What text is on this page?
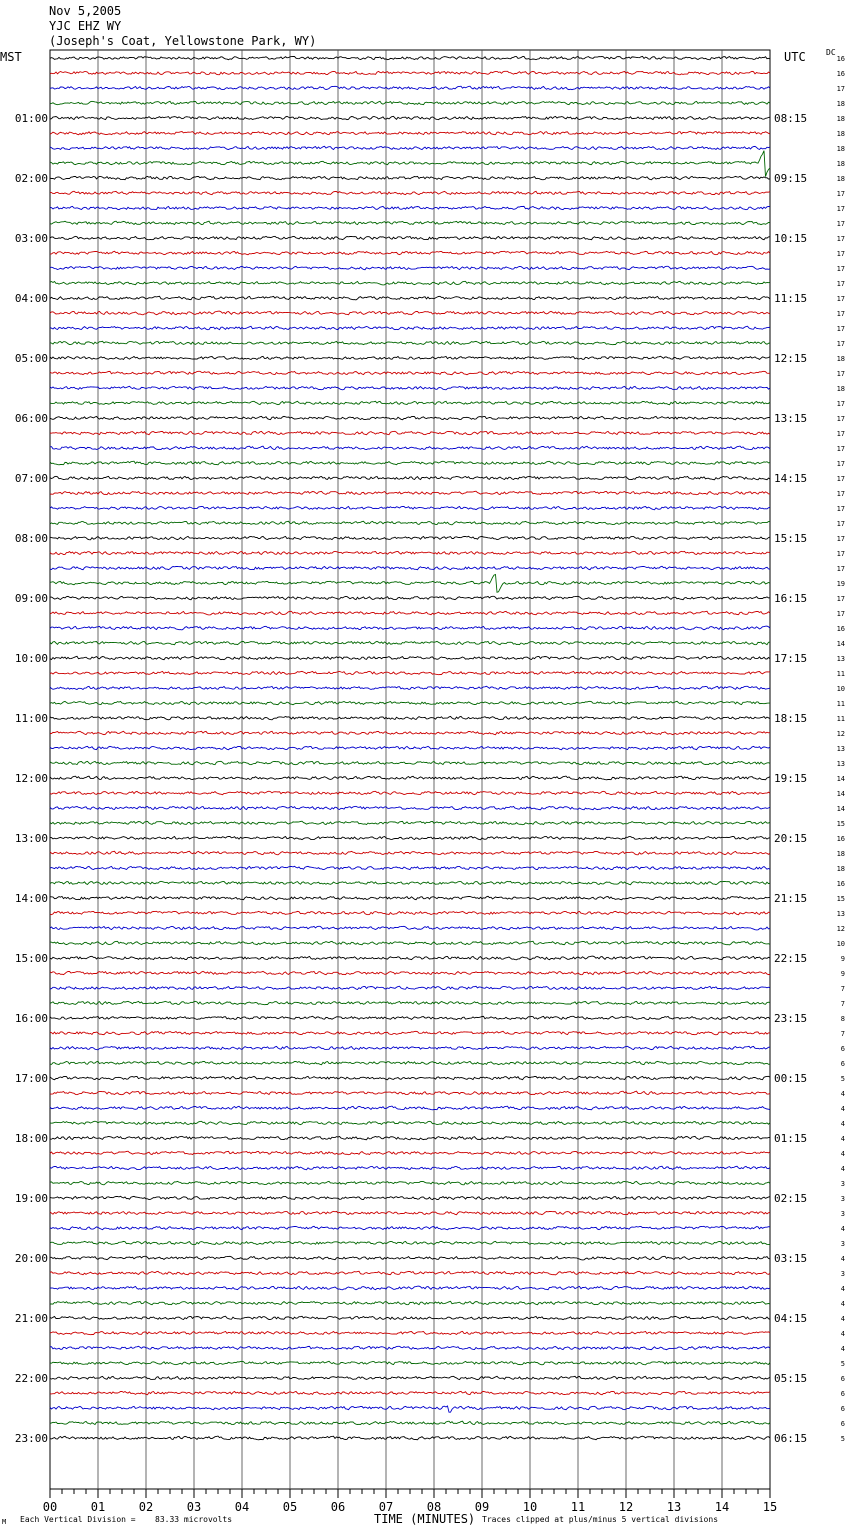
Nov 5,2005
YJC EHZ WY
(Joseph's Coat, Yellowstone Park, WY)
MST	UTC	DC
00	01	02	03	04	05	06	07	08	09	10	11	12	13	14	15
16
16
17
18
18
18
18
18
18
17
17
17
17
17
17
17
17
17
17
17
18
17
18
17
17
17
17
17
17
17
17
17
17
17
17
19
17
17
16
14
13
11
10
11
11
12
13
13
14
14
14
15
16
18
18
16
15
13
12
10
9
9
7
7
8
7
6
6
5
4
4
4
4
4
4
3
3
3
4
3
4
3
4
4
4
4
4
5
6
6
6
6
5
01:00
02:00
03:00
04:00
05:00
06:00
07:00
08:00
09:00
10:00
11:00
12:00
13:00
14:00
15:00
16:00
17:00
18:00
19:00
20:00
21:00
22:00
23:00
08:15
09:15
10:15
11:15
12:15
13:15
14:15
15:15
16:15
17:15
18:15
19:15
20:15
21:15
22:15
23:15
00:15
01:15
02:15
03:15
04:15
05:15
06:15
M Each Vertical Division = 83.33 microvolts	TIME (MINUTES) Traces clipped at plus/minus 5 vertical divisions
